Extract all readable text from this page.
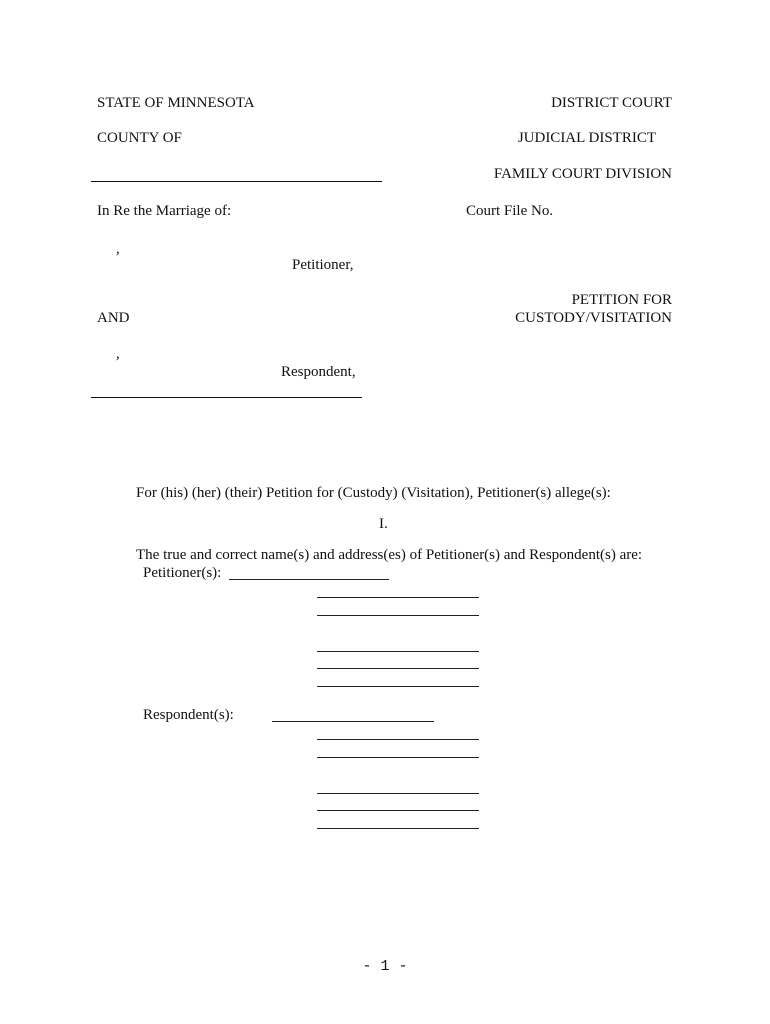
STATE OF MINNESOTA	DISTRICT COURT
COUNTY OF	JUDICIAL DISTRICT
FAMILY COURT DIVISION
In Re the Marriage of:	Court File No.
,
Petitioner,
PETITION FOR
AND	CUSTODY/VISITATION
,
Respondent,
For (his) (her) (their) Petition for (Custody) (Visitation), Petitioner(s) allege(s):
I.
The true and correct name(s) and address(es) of Petitioner(s) and Respondent(s) are:
Petitioner(s):
Respondent(s):
- 1 -
